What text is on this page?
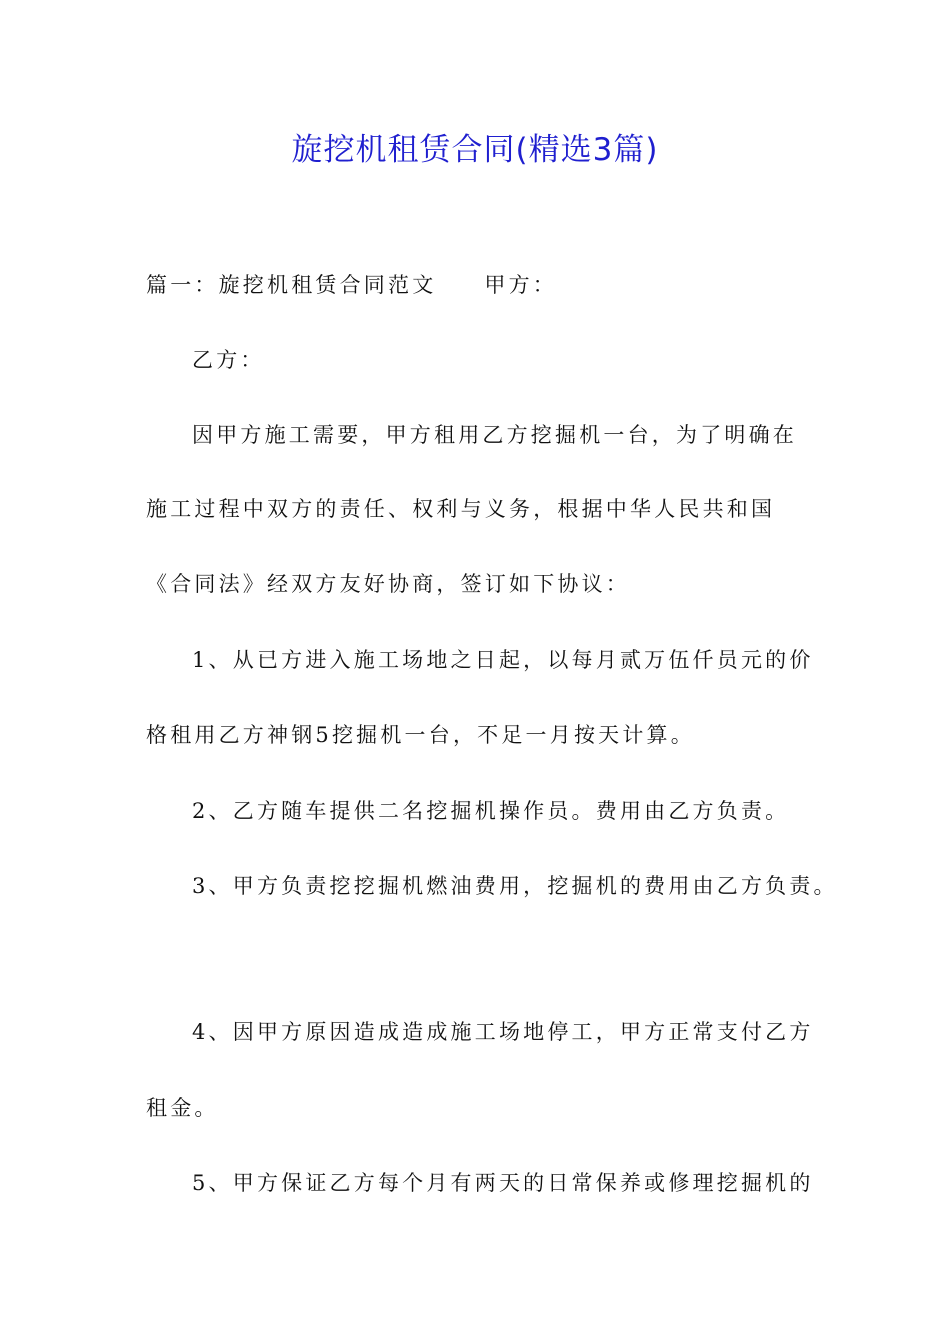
旋挖机租赁合同(精选3篇)
篇一：旋挖机租赁合同范文 甲方：
乙方：
因甲方施工需要，甲方租用乙方挖掘机一台，为了明确在
施工过程中双方的责任、权利与义务，根据中华人民共和国
《合同法》经双方友好协商，签订如下协议：
1、从已方进入施工场地之日起，以每月贰万伍仟员元的价
格租用乙方神钢5挖掘机一台，不足一月按天计算。
2、乙方随车提供二名挖掘机操作员。费用由乙方负责。
3、甲方负责挖挖掘机燃油费用，挖掘机的费用由乙方负责。
4、因甲方原因造成造成施工场地停工，甲方正常支付乙方
租金。
5、甲方保证乙方每个月有两天的日常保养或修理挖掘机的
